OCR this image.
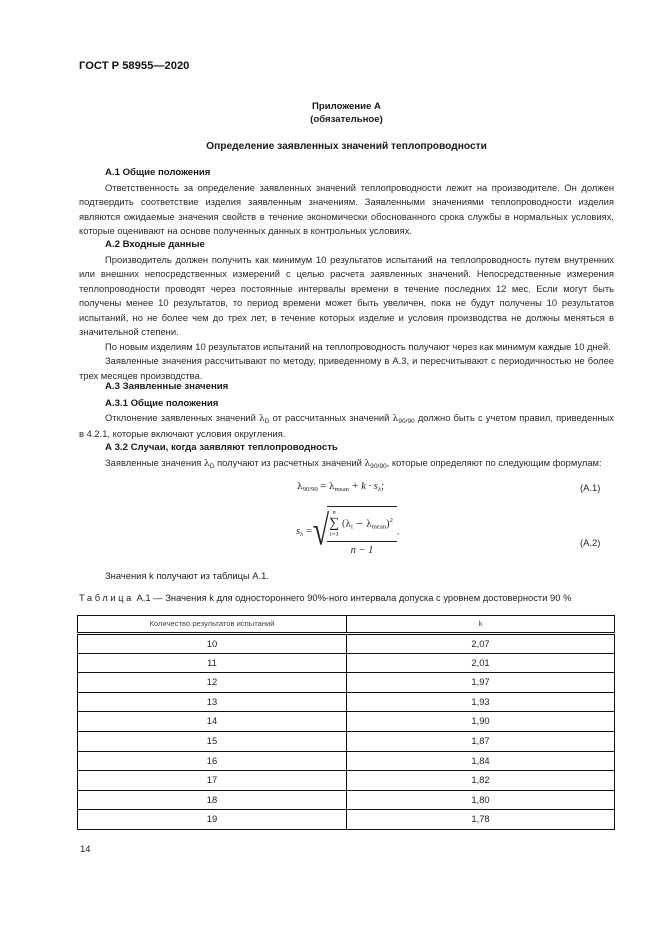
ГОСТ Р 58955—2020
Приложение А
(обязательное)
Определение заявленных значений теплопроводности
А.1 Общие положения
Ответственность за определение заявленных значений теплопроводности лежит на производителе. Он должен подтвердить соответствие изделия заявленным значениям. Заявленными значениями теплопроводности изделия являются ожидаемые значения свойств в течение экономически обоснованного срока службы в нормальных условиях, которые оценивают на основе полученных данных в контрольных условиях.
А.2 Входные данные
Производитель должен получить как минимум 10 результатов испытаний на теплопроводность путем внутренних или внешних непосредственных измерений с целью расчета заявленных значений. Непосредственные измерения теплопроводности проводят через постоянные интервалы времени в течение последних 12 мес. Если могут быть получены менее 10 результатов, то период времени может быть увеличен, пока не будут получены 10 результатов испытаний, но не более чем до трех лет, в течение которых изделие и условия производства не должны меняться в значительной степени.
По новым изделиям 10 результатов испытаний на теплопроводность получают через как минимум каждые 10 дней.
Заявленные значения рассчитывают по методу, приведенному в А.3, и пересчитывают с периодичностью не более трех месяцев производства.
А.3 Заявленные значения
А.3.1 Общие положения
Отклонение заявленных значений $\lambda_D$ от рассчитанных значений $\lambda_{90/90}$ должно быть с учетом правил, приведенных в 4.2.1, которые включают условия округления.
А 3.2 Случаи, когда заявляют теплопроводность
Заявленные значения $\lambda_D$ получают из расчетных значений $\lambda_{90/90}$, которые определяют по следующим формулам:
$\lambda_{90/90} = \lambda_{mean} + k \cdot s_\lambda$;	(А.1)
$s_\lambda$ =√
n
∑
i=1
$(\lambda_i - \lambda_{mean})^2$
n − 1 .
(А.2)
Значения k получают из таблицы А.1.
Таблица А.1 — Значения k для одностороннего 90%-ного интервала допуска с уровнем достоверности 90 %
Количество результатов испытаний	k
10	2,07
11	2,01
12	1,97
13	1,93
14	1,90
15	1,87
16	1,84
17	1,82
18	1,80
19	1,78
14
